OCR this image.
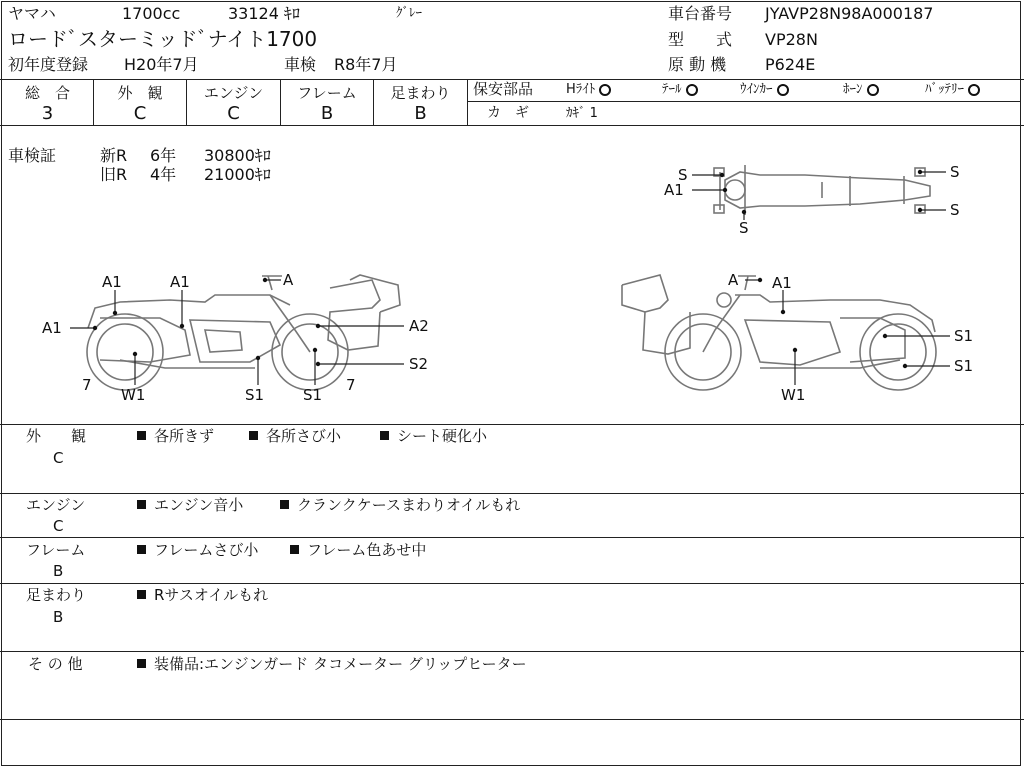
ヤマハ	1700cc	33124 ｷﾛ	ｸﾞﾚｰ
ロードﾞスターミッドﾞナイト1700
初年度登録 H20年7月	車検 R8年7月
車台番号 JYAVP28N98A000187
型　　式 VP28N
原 動 機 P624E
総　合
3
外　観
C
エンジン
C
フレーム
B
足まわり
B
保安部品	Hﾗｲﾄ	ﾃｰﾙ	ｳｲﾝｶｰ	ﾎｰﾝ	ﾊﾞｯﾃﾘｰ
カ　ギ	ｶｷﾞ 1
車検証	新R 6年 30800ｷﾛ
旧R 4年 21000ｷﾛ	S
A1
S
S
S
A1	A1	A
A1	A2
S2
7
W1	S1	S1
7
A A1
S1
S1
W1
外　　観
C
各所きず	各所さび小	シート硬化小
エンジン
C
エンジン音小	クランクケースまわりオイルもれ
フレーム
B
フレームさび小	フレーム色あせ中
足まわり
B
Rサスオイルもれ
そ の 他	装備品:エンジンガード タコメーター グリップヒーター
